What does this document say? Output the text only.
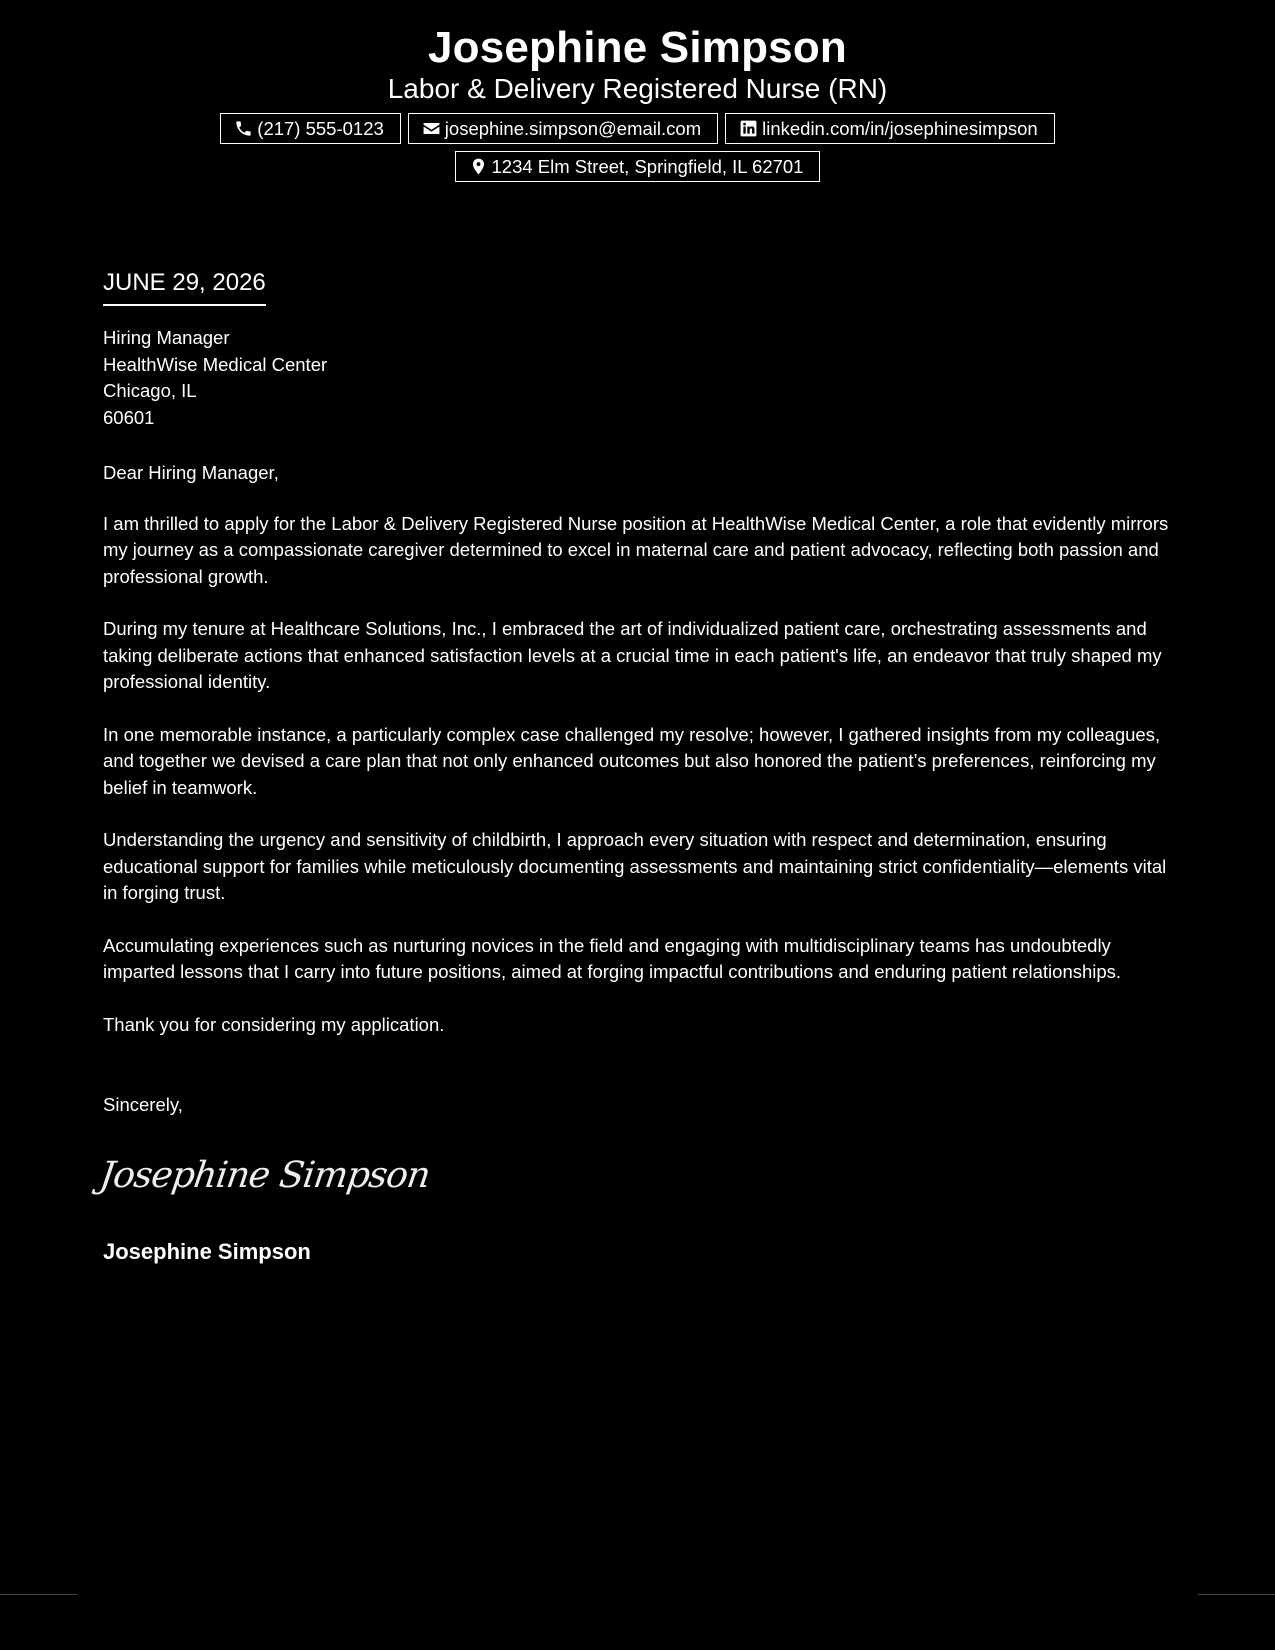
Josephine Simpson
Labor & Delivery Registered Nurse (RN)
(217) 555-0123	josephine.simpson@email.com	linkedin.com/in/josephinesimpson
1234 Elm Street, Springfield, IL 62701
JUNE 29, 2026
Hiring Manager
HealthWise Medical Center
Chicago, IL
60601

Dear Hiring Manager,

I am thrilled to apply for the Labor & Delivery Registered Nurse position at HealthWise Medical Center, a role that evidently mirrors my journey as a compassionate caregiver determined to excel in maternal care and patient advocacy, reflecting both passion and professional growth.

During my tenure at Healthcare Solutions, Inc., I embraced the art of individualized patient care, orchestrating assessments and taking deliberate actions that enhanced satisfaction levels at a crucial time in each patient's life, an endeavor that truly shaped my professional identity.

In one memorable instance, a particularly complex case challenged my resolve; however, I gathered insights from my colleagues, and together we devised a care plan that not only enhanced outcomes but also honored the patient’s preferences, reinforcing my belief in teamwork.

Understanding the urgency and sensitivity of childbirth, I approach every situation with respect and determination, ensuring educational support for families while meticulously documenting assessments and maintaining strict confidentiality—elements vital in forging trust.

Accumulating experiences such as nurturing novices in the field and engaging with multidisciplinary teams has undoubtedly imparted lessons that I carry into future positions, aimed at forging impactful contributions and enduring patient relationships.

Thank you for considering my application.

Sincerely,
Josephine Simpson
Josephine Simpson
